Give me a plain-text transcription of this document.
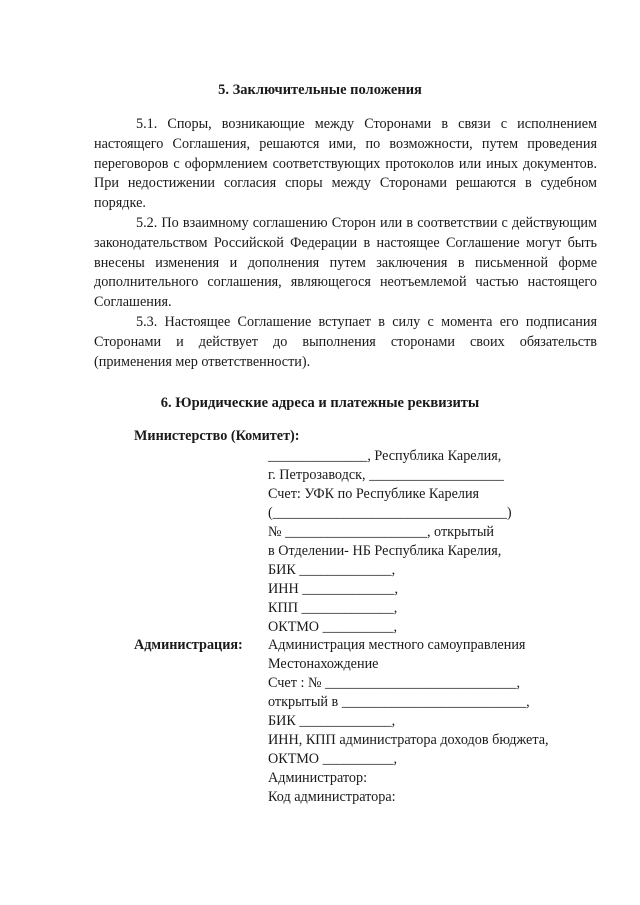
5. Заключительные положения

5.1. Споры, возникающие между Сторонами в связи с исполнением настоящего Соглашения, решаются ими, по возможности, путем проведения переговоров с оформлением соответствующих протоколов или иных документов. При недостижении согласия споры между Сторонами решаются в судебном порядке.

5.2. По взаимному соглашению Сторон или в соответствии с действующим законодательством Российской Федерации в настоящее Соглашение могут быть внесены изменения и дополнения путем заключения в письменной форме дополнительного соглашения, являющегося неотъемлемой частью настоящего Соглашения.

5.3. Настоящее Соглашение вступает в силу с момента его подписания Сторонами и действует до выполнения сторонами своих обязательств (применения мер ответственности).

6. Юридические адреса и платежные реквизиты
Министерство (Комитет):
______________, Республика Карелия,
г. Петрозаводск, ___________________
Счет: УФК по Республике Карелия
(_________________________________)
№ ____________________, открытый
в Отделении- НБ Республика Карелия,
БИК _____________,
ИНН _____________,
КПП _____________,
ОКТМО __________,
Администрация: Администрация местного самоуправления
Местонахождение
Счет : № ___________________________,
открытый в __________________________,
БИК _____________,
ИНН, КПП администратора доходов бюджета,
ОКТМО __________,
Администратор:
Код администратора:
